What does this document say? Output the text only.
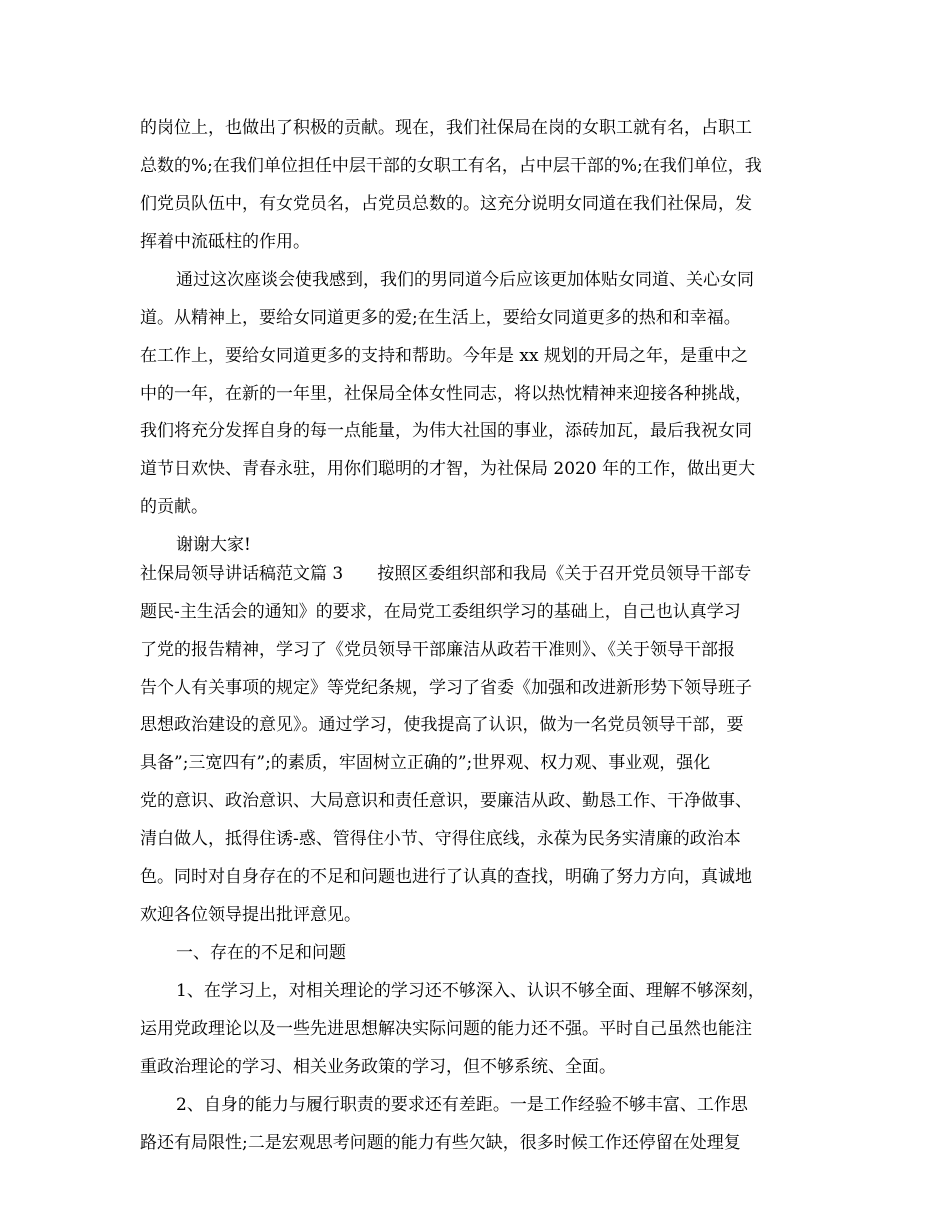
的岗位上，也做出了积极的贡献。现在，我们社保局在岗的女职工就有名，占职工
总数的%;在我们单位担任中层干部的女职工有名，占中层干部的%;在我们单位，我
们党员队伍中，有女党员名，占党员总数的。这充分说明女同道在我们社保局，发
挥着中流砥柱的作用。
通过这次座谈会使我感到，我们的男同道今后应该更加体贴女同道、关心女同
道。从精神上，要给女同道更多的爱;在生活上，要给女同道更多的热和和幸福。
在工作上，要给女同道更多的支持和帮助。今年是 xx 规划的开局之年，是重中之
中的一年，在新的一年里，社保局全体女性同志，将以热忱精神来迎接各种挑战，
我们将充分发挥自身的每一点能量，为伟大社国的事业，添砖加瓦，最后我祝女同
道节日欢快、青春永驻，用你们聪明的才智，为社保局 2020 年的工作，做出更大
的贡献。
谢谢大家!
社保局领导讲话稿范文篇 3　　按照区委组织部和我局《关于召开党员领导干部专
题民-主生活会的通知》的要求，在局党工委组织学习的基础上，自己也认真学习
了党的报告精神，学习了《党员领导干部廉洁从政若干准则》、《关于领导干部报
告个人有关事项的规定》等党纪条规，学习了省委《加强和改进新形势下领导班子
思想政治建设的意见》。通过学习，使我提高了认识，做为一名党员领导干部，要
具备”;三宽四有”;的素质，牢固树立正确的”;世界观、权力观、事业观，强化
党的意识、政治意识、大局意识和责任意识，要廉洁从政、勤恳工作、干净做事、
清白做人，抵得住诱-惑、管得住小节、守得住底线，永葆为民务实清廉的政治本
色。同时对自身存在的不足和问题也进行了认真的查找，明确了努力方向，真诚地
欢迎各位领导提出批评意见。
一、存在的不足和问题
1、在学习上，对相关理论的学习还不够深入、认识不够全面、理解不够深刻，
运用党政理论以及一些先进思想解决实际问题的能力还不强。平时自己虽然也能注
重政治理论的学习、相关业务政策的学习，但不够系统、全面。
2、自身的能力与履行职责的要求还有差距。一是工作经验不够丰富、工作思
路还有局限性;二是宏观思考问题的能力有些欠缺，很多时候工作还停留在处理复
